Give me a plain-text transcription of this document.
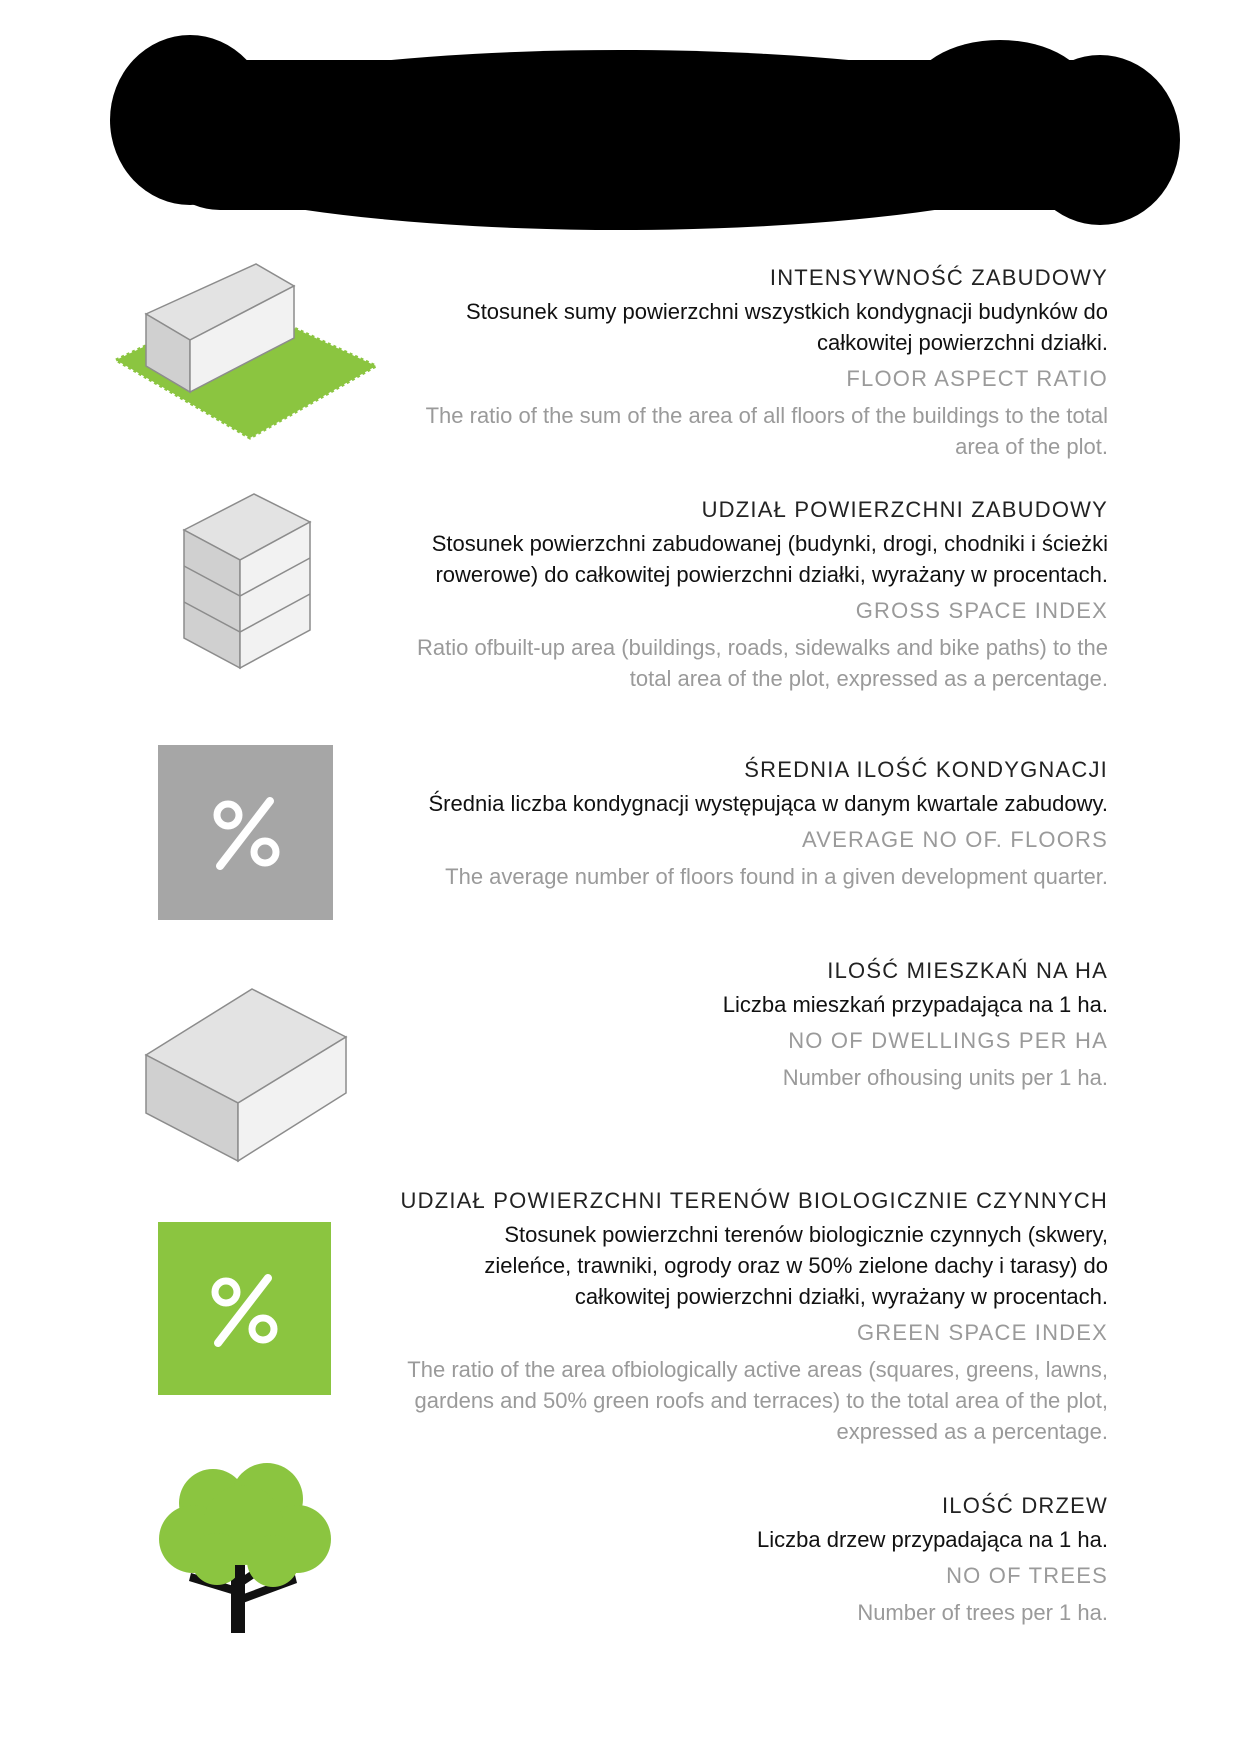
INTENSYWNOŚĆ ZABUDOWY

Stosunek sumy powierzchni wszystkich kondygnacji budynków do

całkowitej powierzchni działki.

FLOOR ASPECT RATIO

The ratio of the sum of the area of all floors of the buildings to the total

area of the plot.

UDZIAŁ POWIERZCHNI ZABUDOWY

Stosunek powierzchni zabudowanej (budynki, drogi, chodniki i ścieżki

rowerowe) do całkowitej powierzchni działki, wyrażany w procentach.

GROSS SPACE INDEX

Ratio ofbuilt-up area (buildings, roads, sidewalks and bike paths) to the

total area of the plot, expressed as a percentage.

ŚREDNIA ILOŚĆ KONDYGNACJI

Średnia liczba kondygnacji występująca w danym kwartale zabudowy.

AVERAGE NO OF. FLOORS

The average number of floors found in a given development quarter.

ILOŚĆ MIESZKAŃ NA HA

Liczba mieszkań przypadająca na 1 ha.

NO OF DWELLINGS PER HA

Number ofhousing units per 1 ha.

UDZIAŁ POWIERZCHNI TERENÓW BIOLOGICZNIE CZYNNYCH

Stosunek powierzchni terenów biologicznie czynnych (skwery,

zieleńce, trawniki, ogrody oraz w 50% zielone dachy i tarasy) do

całkowitej powierzchni działki, wyrażany w procentach.

GREEN SPACE INDEX

The ratio of the area ofbiologically active areas (squares, greens, lawns,

gardens and 50% green roofs and terraces) to the total area of the plot,

expressed as a percentage.

ILOŚĆ DRZEW

Liczba drzew przypadająca na 1 ha.

NO OF TREES

Number of trees per 1 ha.
